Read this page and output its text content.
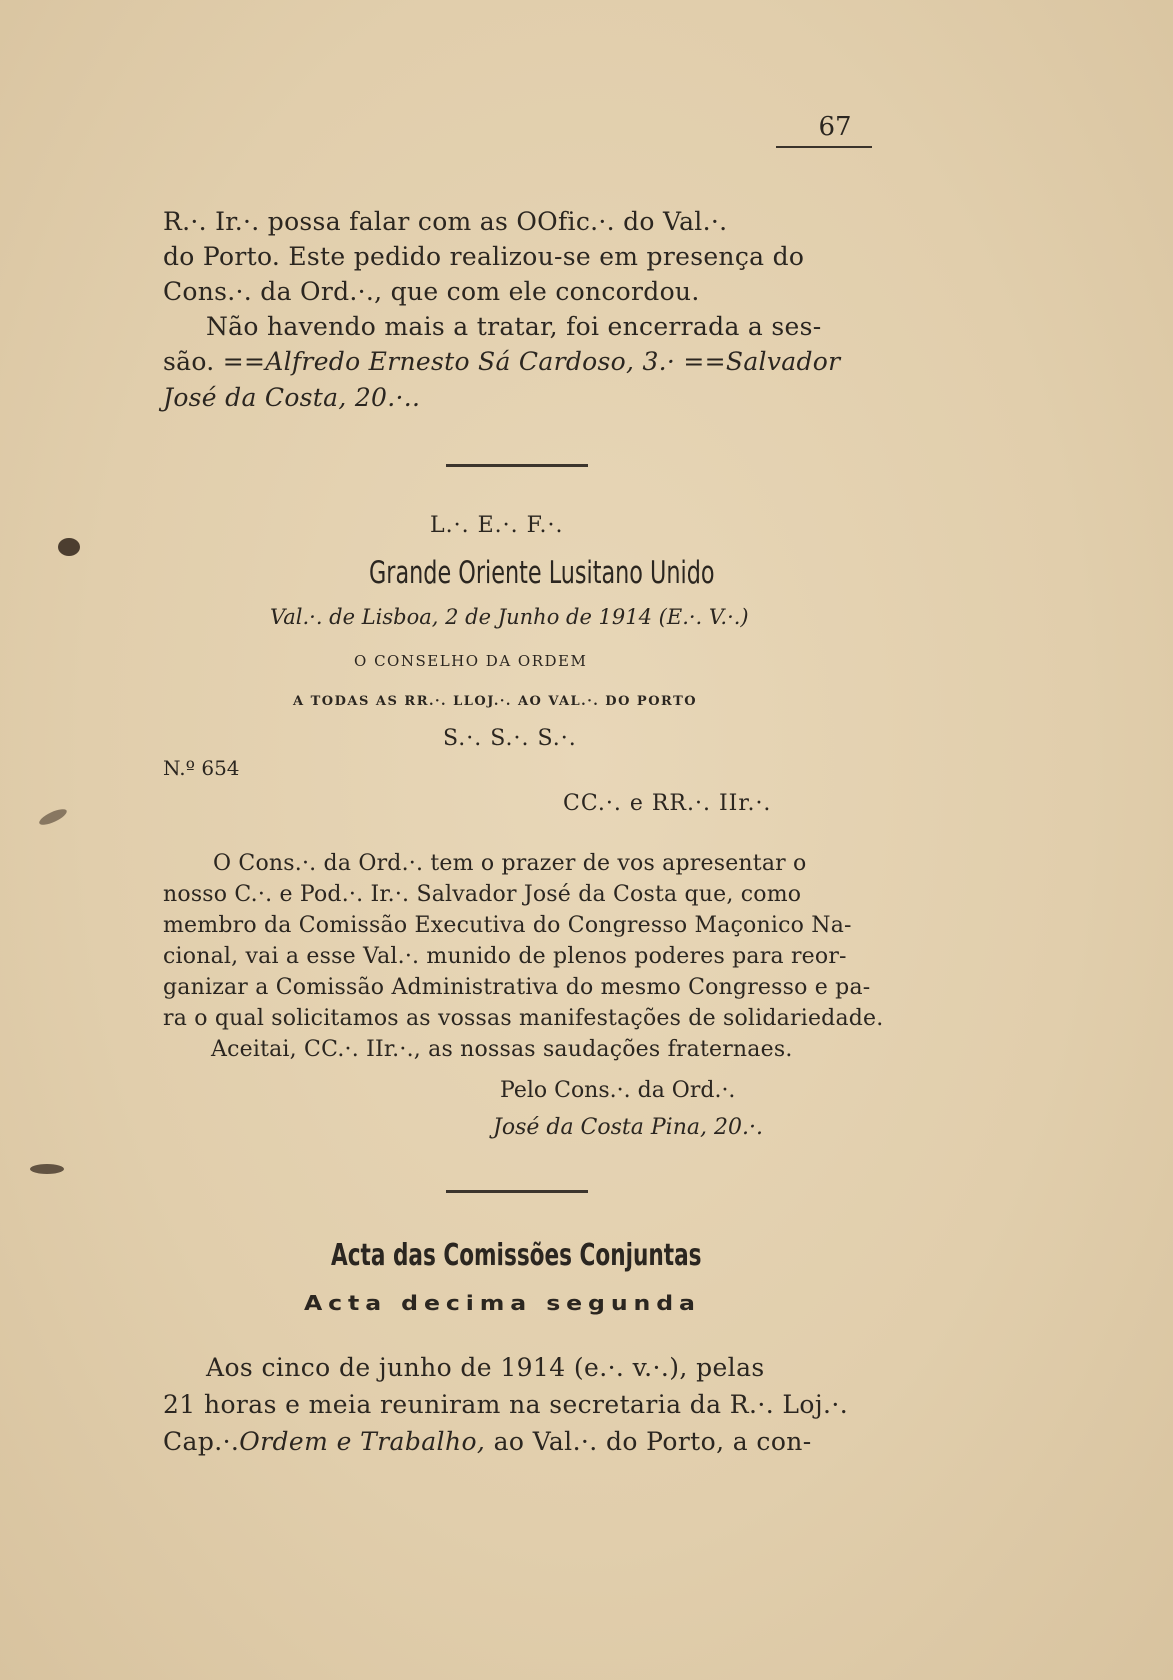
67
R.·. Ir.·. possa falar com as OOfic.·. do Val.·.
do Porto. Este pedido realizou-se em presença do
Cons.·. da Ord.·., que com ele concordou.
Não havendo mais a tratar, foi encerrada a ses-
são. ==Alfredo Ernesto Sá Cardoso, 3.· ==Salvador
José da Costa, 20.·..
L.·. E.·. F.·.
Grande Oriente Lusitano Unido
Val.·. de Lisboa, 2 de Junho de 1914 (E.·. V.·.)
O CONSELHO DA ORDEM
A TODAS AS RR.·. LLOJ.·. AO VAL.·. DO PORTO
S.·. S.·. S.·.
N.º 654
CC.·. e RR.·. IIr.·.
O Cons.·. da Ord.·. tem o prazer de vos apresentar o
nosso C.·. e Pod.·. Ir.·. Salvador José da Costa que, como
membro da Comissão Executiva do Congresso Maçonico Na-
cional, vai a esse Val.·. munido de plenos poderes para reor-
ganizar a Comissão Administrativa do mesmo Congresso e pa-
ra o qual solicitamos as vossas manifestações de solidariedade.
Aceitai, CC.·. IIr.·., as nossas saudações fraternaes.
Pelo Cons.·. da Ord.·.
José da Costa Pina, 20.·.
Acta das Comissões Conjuntas
Acta decima segunda
Aos cinco de junho de 1914 (e.·. v.·.), pelas
21 horas e meia reuniram na secretaria da R.·. Loj.·.
Cap.·.Ordem e Trabalho, ao Val.·. do Porto, a con-
